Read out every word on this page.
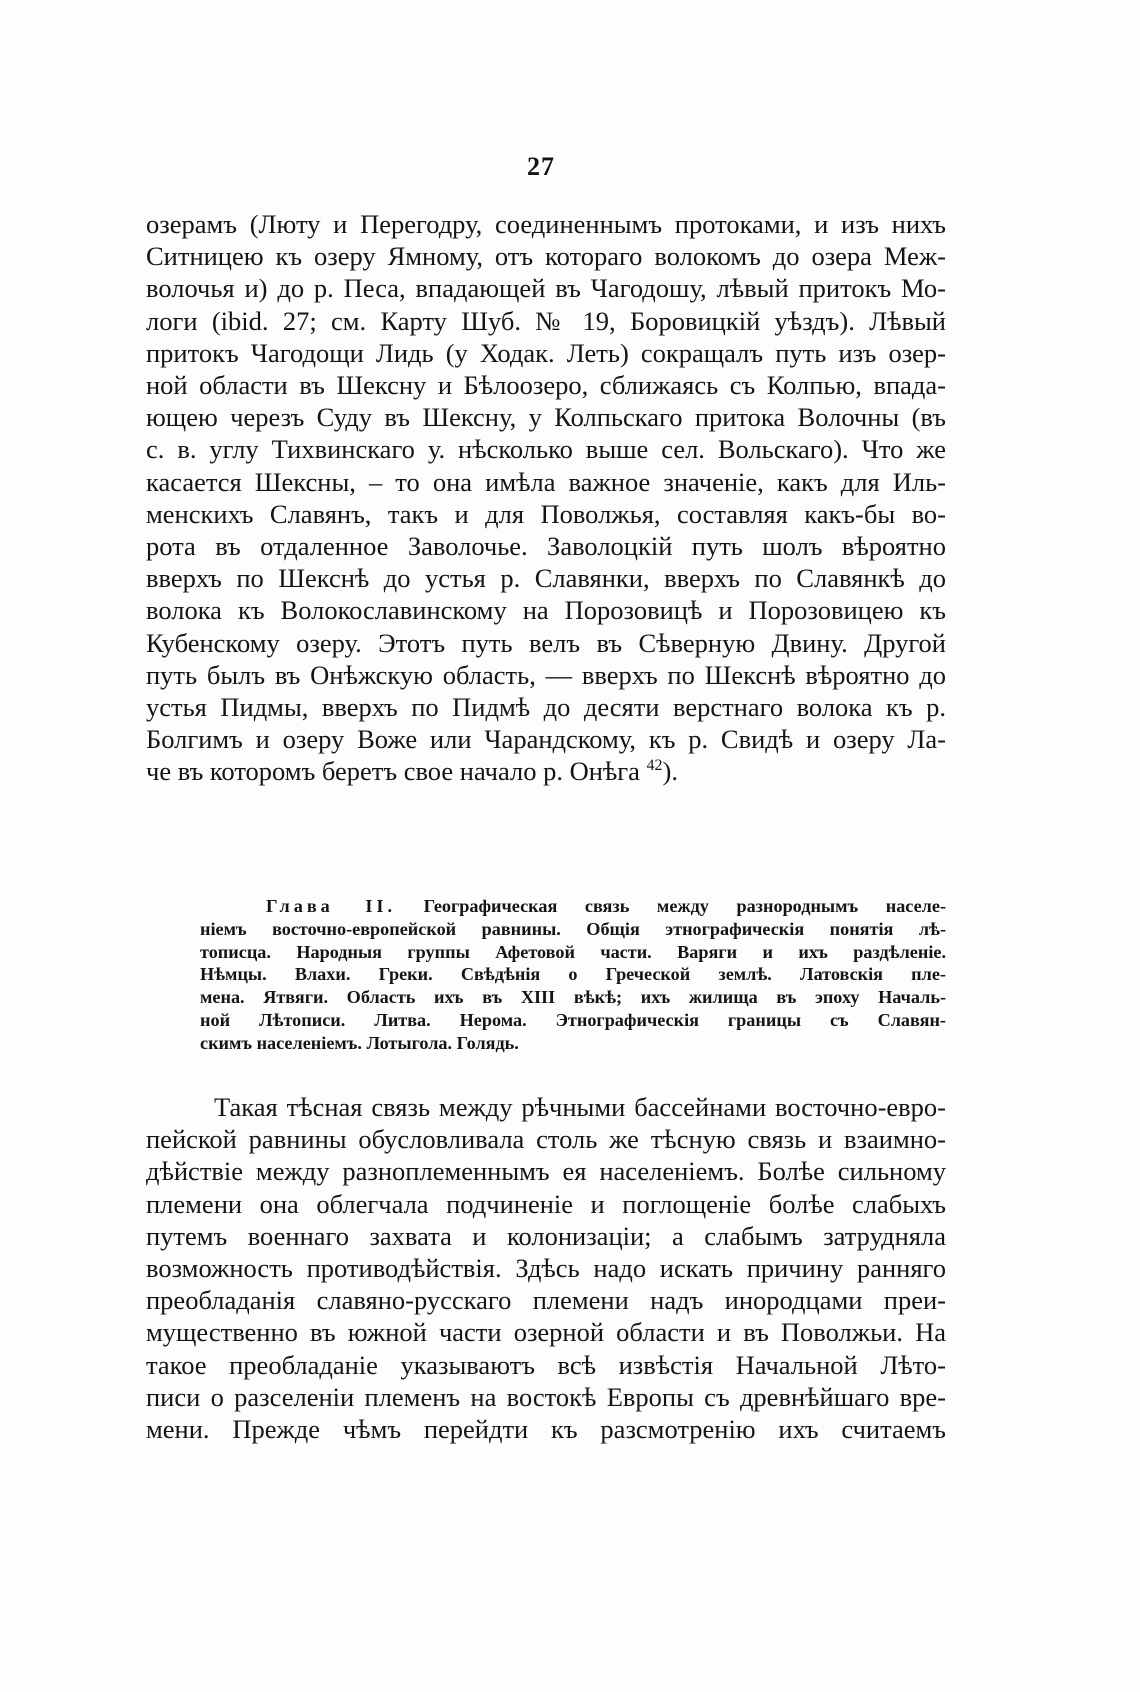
27
озерамъ (Люту и Перегодру, соединеннымъ протоками, и изъ нихъ
Ситницею къ озеру Ямному, отъ котораго волокомъ до озера Меж-
волочья и) до р. Песа, впадающей въ Чагодошу, лѣвый притокъ Мо-
логи (ibid. 27; см. Карту Шуб. № 19, Боровицкій уѣздъ). Лѣвый
притокъ Чагодощи Лидь (у Ходак. Леть) сокращалъ путь изъ озер-
ной области въ Шексну и Бѣлоозеро, сближаясь съ Колпью, впада-
ющею черезъ Суду въ Шексну, у Колпьскаго притока Волочны (въ
с. в. углу Тихвинскаго у. нѣсколько выше сел. Вольскаго). Что же
касается Шексны, – то она имѣла важное значеніе, какъ для Иль-
менскихъ Славянъ, такъ и для Поволжья, составляя какъ-бы во-
рота въ отдаленное Заволочье. Заволоцкій путь шолъ вѣроятно
вверхъ по Шекснѣ до устья р. Славянки, вверхъ по Славянкѣ до
волока къ Волокославинскому на Порозовицѣ и Порозовицею къ
Кубенскому озеру. Этотъ путь велъ въ Сѣверную Двину. Другой
путь былъ въ Онѣжскую область, — вверхъ по Шекснѣ вѣроятно до
устья Пидмы, вверхъ по Пидмѣ до десяти верстнаго волока къ р.
Болгимъ и озеру Воже или Чарандскому, къ р. Свидѣ и озеру Ла-
че въ которомъ беретъ свое начало р. Онѣга $^{42}$).
Глава II. Географическая связь между разнороднымъ населе-
ніемъ восточно-европейской равнины. Общія этнографическія понятія лѣ-
тописца. Народныя группы Афетовой части. Варяги и ихъ раздѣленіе.
Нѣмцы. Влахи. Греки. Свѣдѣнія о Греческой землѣ. Латовскія пле-
мена. Ятвяги. Область ихъ въ XIII вѣкѣ; ихъ жилища въ эпоху Началь-
ной Лѣтописи. Литва. Нерома. Этнографическія границы съ Славян-
скимъ населеніемъ. Лотыгола. Голядь.
Такая тѣсная связь между рѣчными бассейнами восточно-евро-
пейской равнины обусловливала столь же тѣсную связь и взаимно-
дѣйствіе между разноплеменнымъ ея населеніемъ. Болѣе сильному
племени она облегчала подчиненіе и поглощеніе болѣе слабыхъ
путемъ военнаго захвата и колонизаціи; а слабымъ затрудняла
возможность противодѣйствія. Здѣсь надо искать причину ранняго
преобладанія славяно-русскаго племени надъ инородцами преи-
мущественно въ южной части озерной области и въ Поволжьи. На
такое преобладаніе указываютъ всѣ извѣстія Начальной Лѣто-
писи о разселеніи племенъ на востокѣ Европы съ древнѣйшаго вре-
мени. Прежде чѣмъ перейдти къ разсмотренію ихъ считаемъ
